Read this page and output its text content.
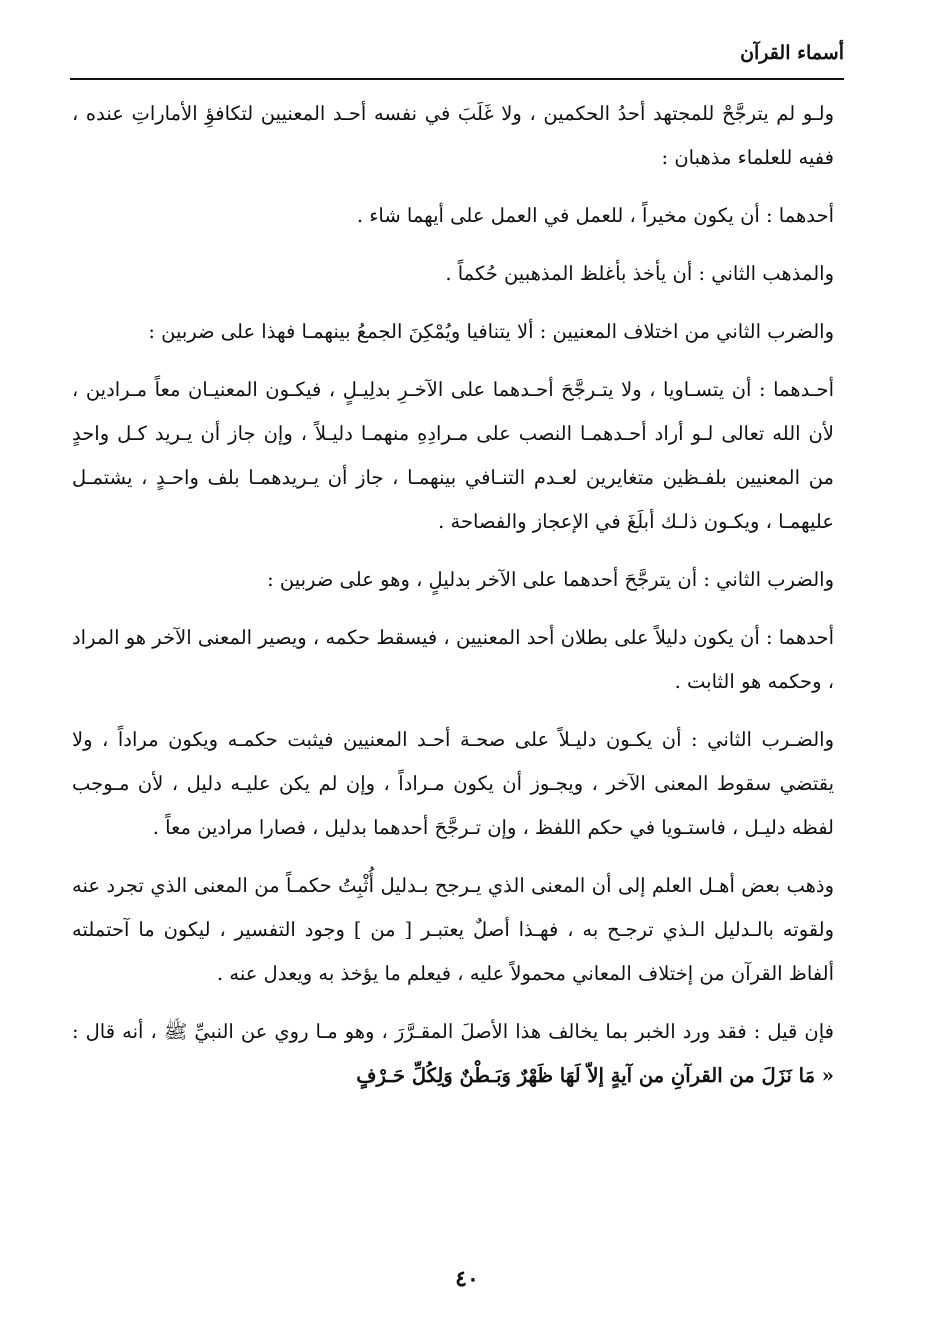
أسماء القرآن

ولـو لم يترجَّحْ للمجتهد أحدُ الحكمين ، ولا غَلَبَ في نفسه أحـد المعنيين لتكافؤِ الأماراتِ عنده ، ففيه للعلماء مذهبان :

أحدهما : أن يكون مخيراً ، للعمل في العمل على أيهما شاء .

والمذهب الثاني : أن يأخذ بأغلظ المذهبين حُكماً .

والضرب الثاني من اختلاف المعنيين : ألا يتنافيا ويُمْكِنَ الجمعُ بينهمـا فهذا على ضربين :

أحـدهما : أن يتسـاويا ، ولا يتـرجَّحَ أحـدهما على الآخـرِ بدلِيـلٍ ، فيكـون المعنيـان معاً مـرادين ، لأن الله تعالى لـو أراد أحـدهمـا النصب على مـرادِهِ منهمـا دليـلاً ، وإن جاز أن يـريد كـل واحدٍ من المعنيين بلفـظين متغايرين لعـدم التنـافي بينهمـا ، جاز أن يـريدهمـا بلف واحـدٍ ، يشتمـل عليهمـا ، ويكـون ذلـك أبلَغَ في الإعجاز والفصاحة .

والضرب الثاني : أن يترجَّحَ أحدهما على الآخر بدليلٍ ، وهو على ضربين :

أحدهما : أن يكون دليلاً على بطلان أحد المعنيين ، فيسقط حكمه ، ويصير المعنى الآخر هو المراد ، وحكمه هو الثابت .

والضـرب الثاني : أن يكـون دليـلاً على صحـة أحـد المعنيين فيثبت حكمـه ويكون مراداً ، ولا يقتضي سقوط المعنى الآخر ، ويجـوز أن يكون مـراداً ، وإن لم يكن عليـه دليل ، لأن مـوجب لفظه دليـل ، فاستـويا في حكم اللفظ ، وإن تـرجَّحَ أحدهما بدليل ، فصارا مرادين معاً .

وذهب بعض أهـل العلم إلى أن المعنى الذي يـرجح بـدليل أُثْبِتُ حكمـاً من المعنى الذي تجرد عنه ولقوته بالـدليل الـذي ترجـح به ، فهـذا أصلٌ يعتبـر [ من ] وجود التفسير ، ليكون ما آحتملته ألفاظ القرآن من إختلاف المعاني محمولاً عليه ، فيعلم ما يؤخذ به ويعدل عنه .

فإن قيل : فقد ورد الخبر بما يخالف هذا الأصلَ المقـرَّرَ ، وهو مـا روي عن النبيِّ ﷺ ، أنه قال : « مَا نَزَلَ من القرآنِ من آيةٍ إلاّ لَهَا ظَهْرٌ وَبَـطْنٌ وَلِكُلِّ حَـرْفٍ

٤٠
